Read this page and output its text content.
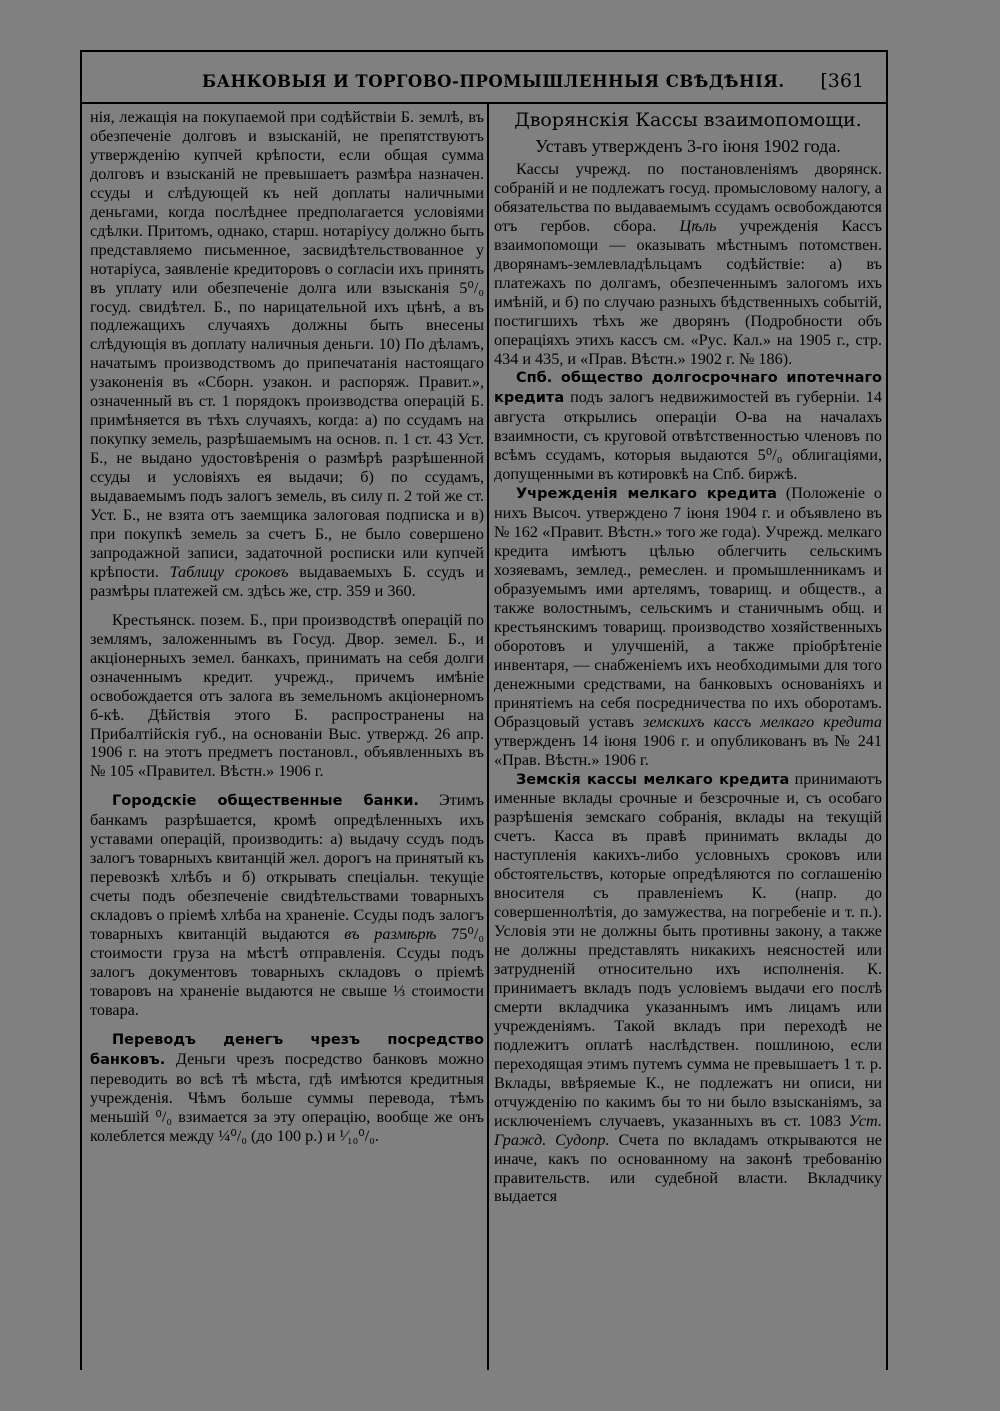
БАНКОВЫЯ И ТОРГОВО-ПРОМЫШЛЕННЫЯ СВѢДѢНІЯ. [361

нія, лежащія на покупаемой при содѣйствіи Б. землѣ, въ обезпеченіе долговъ и взысканій, не препятствуютъ утвержденію купчей крѣпости, если общая сумма долговъ и взысканій не превышаетъ размѣра назначен. ссуды и слѣдующей къ ней доплаты наличными деньгами, когда послѣднее предполагается условіями сдѣлки. Притомъ, однако, старш. нотаріусу должно быть представляемо письменное, засвидѣтельствованное у нотаріуса, заявленіе кредиторовъ о согласіи ихъ принять въ уплату или обезпеченіе долга или взысканія 5⁰/₀ госуд. свидѣтел. Б., по нарицательной ихъ цѣнѣ, а въ подлежащихъ случаяхъ должны быть внесены слѣдующія въ доплату наличныя деньги. 10) По дѣламъ, начатымъ производствомъ до припечатанія настоящаго узаконенія въ «Сборн. узакон. и распоряж. Правит.», означенный въ ст. 1 порядокъ производства операцій Б. примѣняется въ тѣхъ случаяхъ, когда: а) по ссудамъ на покупку земель, разрѣшаемымъ на основ. п. 1 ст. 43 Уст. Б., не выдано удостовѣренія о размѣрѣ разрѣшенной ссуды и условіяхъ ея выдачи; б) по ссудамъ, выдаваемымъ подъ залогъ земель, въ силу п. 2 той же ст. Уст. Б., не взята отъ заемщика залоговая подписка и в) при покупкѣ земель за счетъ Б., не было совершено запродажной записи, задаточной росписки или купчей крѣпости. Таблицу сроковъ выдаваемыхъ Б. ссудъ и размѣры платежей см. здѣсь же, стр. 359 и 360.

Крестьянск. позем. Б., при производствѣ операцій по землямъ, заложеннымъ въ Госуд. Двор. земел. Б., и акціонерныхъ земел. банкахъ, принимать на себя долги означеннымъ кредит. учрежд., причемъ имѣніе освобождается отъ залога въ земельномъ акціонерномъ б-кѣ. Дѣйствія этого Б. распространены на Прибалтійскія губ., на основаніи Выс. утвержд. 26 апр. 1906 г. на этотъ предметъ постановл., объявленныхъ въ № 105 «Правител. Вѣстн.» 1906 г.

Городскіе общественные банки. Этимъ банкамъ разрѣшается, кромѣ опредѣленныхъ ихъ уставами операцій, производить: а) выдачу ссудъ подъ залогъ товарныхъ квитанцій жел. дорогъ на принятый къ перевозкѣ хлѣбъ и б) открывать спеціальн. текущіе счеты подъ обезпеченіе свидѣтельствами товарныхъ складовъ о пріемѣ хлѣба на храненіе. Ссуды подъ залогъ товарныхъ квитанцій выдаются въ размѣрѣ 75⁰/₀ стоимости груза на мѣстѣ отправленія. Ссуды подъ залогъ документовъ товарныхъ складовъ о пріемѣ товаровъ на храненіе выдаются не свыше ⅓ стоимости товара.

Переводъ денегъ чрезъ посредство банковъ. Деньги чрезъ посредство банковъ можно переводить во всѣ тѣ мѣста, гдѣ имѣются кредитныя учрежденія. Чѣмъ больше суммы перевода, тѣмъ меньшій ⁰/₀ взимается за эту операцію, вообще же онъ колеблется между ¼⁰/₀ (до 100 р.) и ¹⁄₁₀⁰/₀.

Дворянскія Кассы взаимопомощи.
Уставъ утвержденъ 3-го іюня 1902 года.

Кассы учрежд. по постановленіямъ дворянск. собраній и не подлежатъ госуд. промысловому налогу, а обязательства по выдаваемымъ ссудамъ освобождаются отъ гербов. сбора. Цѣль учрежденія Кассъ взаимопомощи — оказывать мѣстнымъ потомствен. дворянамъ-землевладѣльцамъ содѣйствіе: а) въ платежахъ по долгамъ, обезпеченнымъ залогомъ ихъ имѣній, и б) по случаю разныхъ бѣдственныхъ событій, постигшихъ тѣхъ же дворянъ (Подробности объ операціяхъ этихъ кассъ см. «Рус. Кал.» на 1905 г., стр. 434 и 435, и «Прав. Вѣстн.» 1902 г. № 186).

Спб. общество долгосрочнаго ипотечнаго кредита подъ залогъ недвижимостей въ губерніи. 14 августа открылись операціи О-ва на началахъ взаимности, съ круговой отвѣтственностью членовъ по всѣмъ ссудамъ, которыя выдаются 5⁰/₀ облигаціями, допущенными въ котировкѣ на Спб. биржѣ.

Учрежденія мелкаго кредита (Положеніе о нихъ Высоч. утверждено 7 іюня 1904 г. и объявлено въ № 162 «Правит. Вѣстн.» того же года). Учрежд. мелкаго кредита имѣютъ цѣлью облегчить сельскимъ хозяевамъ, землед., ремеслен. и промышленникамъ и образуемымъ ими артелямъ, товарищ. и обществ., а также волостнымъ, сельскимъ и станичнымъ общ. и крестьянскимъ товарищ. производство хозяйственныхъ оборотовъ и улучшеній, а также пріобрѣтеніе инвентаря, — снабженіемъ ихъ необходимыми для того денежными средствами, на банковыхъ основаніяхъ и принятіемъ на себя посредничества по ихъ оборотамъ. Образцовый уставъ земскихъ кассъ мелкаго кредита утвержденъ 14 іюня 1906 г. и опубликованъ въ № 241 «Прав. Вѣстн.» 1906 г.

Земскія кассы мелкаго кредита принимаютъ именные вклады срочные и безсрочные и, съ особаго разрѣшенія земскаго собранія, вклады на текущій счетъ. Касса въ правѣ принимать вклады до наступленія какихъ-либо условныхъ сроковъ или обстоятельствъ, которые опредѣляются по соглашенію вносителя съ правленіемъ К. (напр. до совершеннолѣтія, до замужества, на погребеніе и т. п.). Условія эти не должны быть противны закону, а также не должны представлять никакихъ неясностей или затрудненій относительно ихъ исполненія. К. принимаетъ вкладъ подъ условіемъ выдачи его послѣ смерти вкладчика указаннымъ имъ лицамъ или учрежденіямъ. Такой вкладъ при переходѣ не подлежитъ оплатѣ наслѣдствен. пошлиною, если переходящая этимъ путемъ сумма не превышаетъ 1 т. р. Вклады, ввѣряемые К., не подлежатъ ни описи, ни отчужденію по какимъ бы то ни было взысканіямъ, за исключеніемъ случаевъ, указанныхъ въ ст. 1083 Уст. Гражд. Судопр. Счета по вкладамъ открываются не иначе, какъ по основанному на законѣ требованію правительств. или судебной власти. Вкладчику выдается
